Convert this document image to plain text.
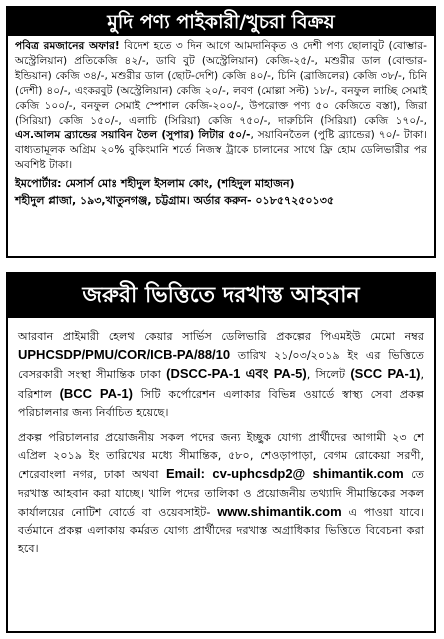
মুদি পণ্য পাইকারী/খুচরা বিক্রয়
পবিত্র রমজানের অফার! বিদেশ হতে ৩ দিন আগে আমদানিকৃত ও দেশী পণ্য ছোলাবুট (বোম্ভার-অস্ট্রেলিয়ান) প্রতিকেজি ৪২/-, ডাবি বুট (অস্ট্রেলিয়ান) কেজি-২৫/-, মশুরীর ডাল (বোল্ডার-ইন্ডিয়ান) কেজি ৩৪/-, মশুরীর ডাল (ছোট-দেশি) কেজি ৪০/-, চিনি (ব্রাজিলের) কেজি ৩৮/-, চিনি (দেশী) ৪০/-, এংকরবুট (অস্ট্রেলিয়ান) কেজি ২০/-, লবণ (মোল্লা সল্ট) ১৮/-, বনফুল লাচ্ছি সেমাই কেজি ১০০/-, বনফুল সেমাই স্পেশাল কেজি-২০০/-, উপরোক্ত পণ্য ৫০ কেজিতে বস্তা), জিরা (সিরিয়া) কেজি ১৫০/-, এলাচি (সিরিয়া) কেজি ৭৫০/-, দারুচিনি (সিরিয়া) কেজি ১৭০/-, এস.আলম ব্র্যান্ডের সয়াবিন তৈল (সুপার) লিটার ৫০/-, সয়াবিনতৈল (পুষ্টি ব্র্যান্ডের) ৭০/- টাকা। বাধ্যতামূলক অগ্রিম ২০% বুকিংমানি শর্তে নিজস্ব ট্রাকে চালানের সাথে ফ্রি হোম ডেলিভারীর পর অবশিষ্ট টাকা।
ইমপোর্টার: মেসার্স মোঃ শহীদুল ইসলাম কোং, (শহিদুল মাহাজন)
শহীদুল প্লাজা, ১৯৩,খাতুনগঞ্জ, চট্টগ্রাম। অর্ডার করুন- ০১৮৫৭২৫০১৩৫
জরুরী ভিত্তিতে দরখাস্ত আহবান

আরবান প্রাইমারী হেলথ কেয়ার সার্ভিস ডেলিভারি প্রকল্পের পিএমইউ মেমো নম্বর UPHCSDP/PMU/COR/ICB-PA/88/10 তারিখ ২১/০৩/২০১৯ ইং এর ভিত্তিতে বেসরকারী সংস্থা সীমান্তিক ঢাকা (DSCC-PA-1 এবং PA-5), সিলেট (SCC PA-1), বরিশাল (BCC PA-1) সিটি কর্পোরেশন এলাকার বিভিন্ন ওয়ার্ডে স্বাস্থ্য সেবা প্রকল্প পরিচালনার জন্য নির্বাচিত হয়েছে।

প্রকল্প পরিচালনার প্রয়োজনীয় সকল পদের জন্য ইচ্ছুক যোগ্য প্রার্থীদের আগামী ২৩ শে এপ্রিল ২০১৯ ইং তারিখের মধ্যে সীমান্তিক, ৫৮০, শেওড়াপাড়া, বেগম রোকেয়া সরণী, শেরেবাংলা নগর, ঢাকা অথবা Email: cv-uphcsdp2@ shimantik.com তে দরখাস্ত আহবান করা যাচ্ছে। খালি পদের তালিকা ও প্রয়োজনীয় তথ্যাদি সীমান্তিকের সকল কার্যালয়ের নোটিশ বোর্ডে বা ওয়েবসাইট- www.shimantik.com এ পাওয়া যাবে। বর্তমানে প্রকল্প এলাকায় কর্মরত যোগ্য প্রার্থীদের দরখাস্ত অগ্রাধিকার ভিত্তিতে বিবেচনা করা হবে।
